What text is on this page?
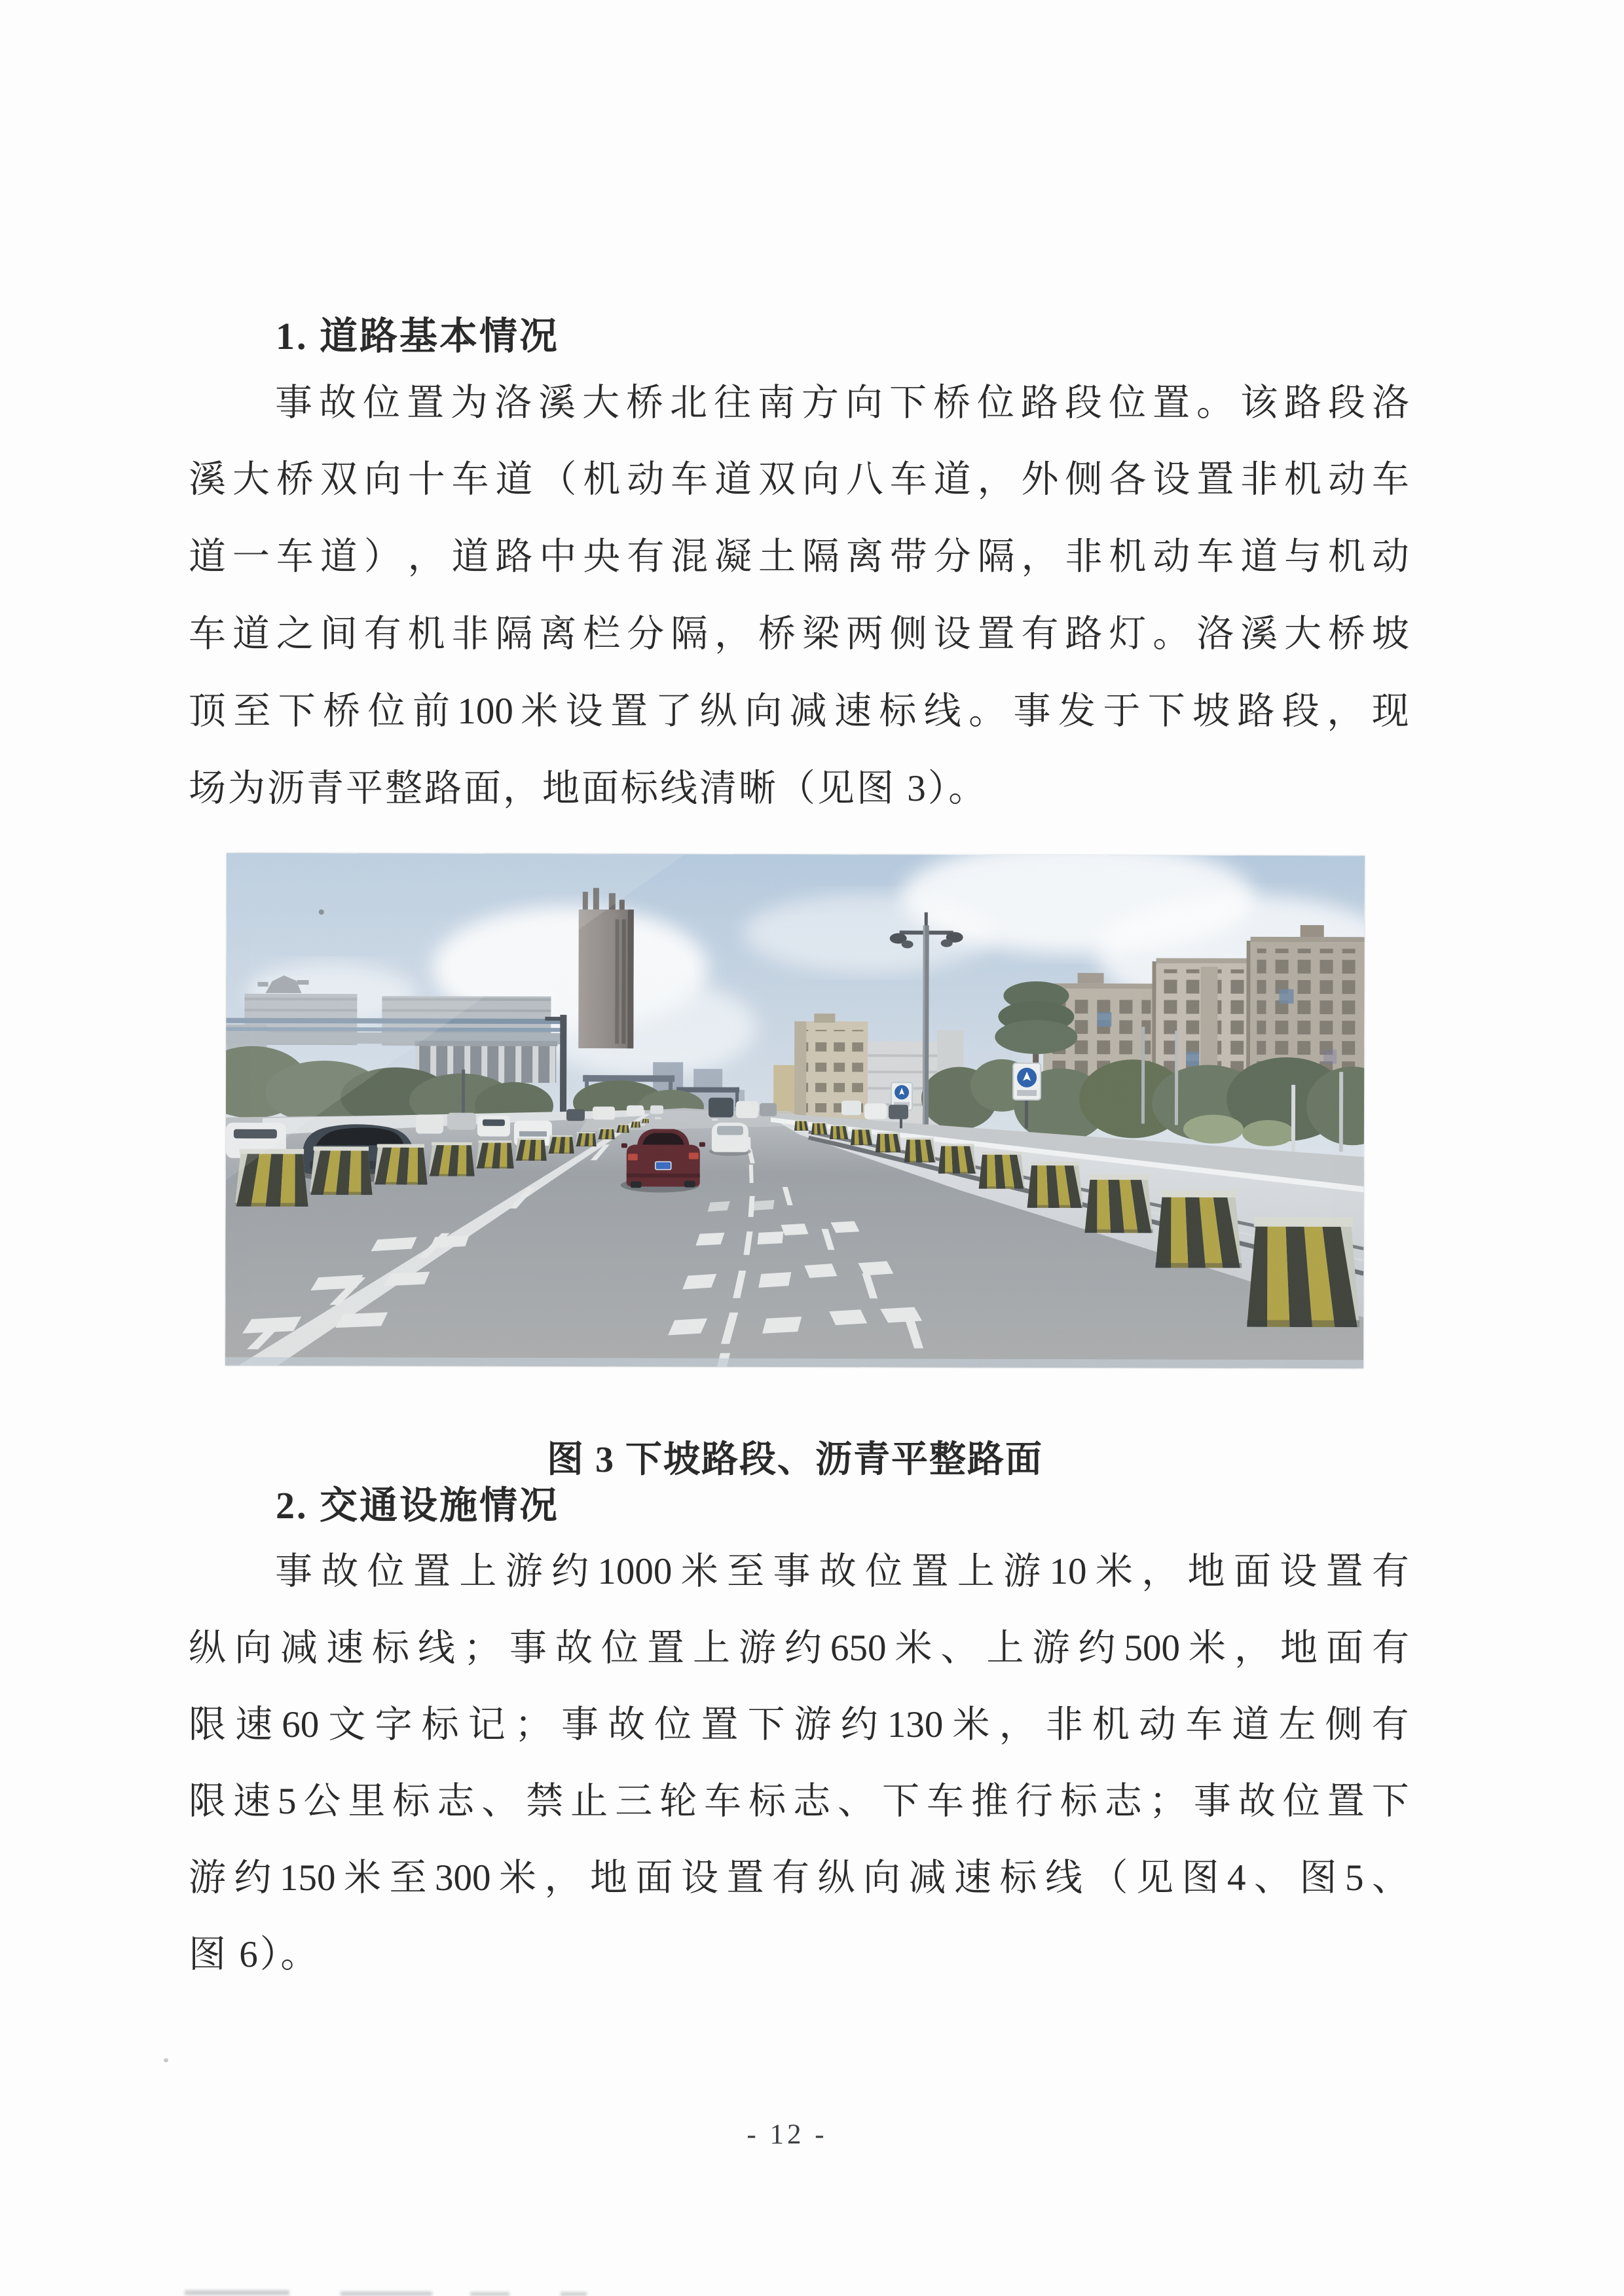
1. 道路基本情况
事 故 位 置 为 洛 溪 大 桥 北 往 南 方 向 下 桥 位 路 段 位 置 。 该 路 段 洛
溪 大 桥 双 向 十 车 道 （ 机 动 车 道 双 向 八 车 道 ， 外 侧 各 设 置 非 机 动 车
道 一 车 道 ） ， 道 路 中 央 有 混 凝 土 隔 离 带 分 隔 ， 非 机 动 车 道 与 机 动
车 道 之 间 有 机 非 隔 离 栏 分 隔 ， 桥 梁 两 侧 设 置 有 路 灯 。 洛 溪 大 桥 坡
顶 至 下 桥 位 前 100 米 设 置 了 纵 向 减 速 标 线 。 事 发 于 下 坡 路 段 ， 现
场为沥青平整路面，地面标线清晰（见图 3）。
图 3 下坡路段、沥青平整路面
2. 交通设施情况
事 故 位 置 上 游 约 1000 米 至 事 故 位 置 上 游 10 米 ， 地 面 设 置 有
纵 向 减 速 标 线 ； 事 故 位 置 上 游 约 650 米 、 上 游 约 500 米 ， 地 面 有
限 速 60 文 字 标 记 ； 事 故 位 置 下 游 约 130 米 ， 非 机 动 车 道 左 侧 有
限 速 5 公 里 标 志 、 禁 止 三 轮 车 标 志 、 下 车 推 行 标 志 ； 事 故 位 置 下
游 约 150 米 至 300 米 ， 地 面 设 置 有 纵 向 减 速 标 线 （ 见 图 4 、 图 5 、
图 6）。
- 12 -
